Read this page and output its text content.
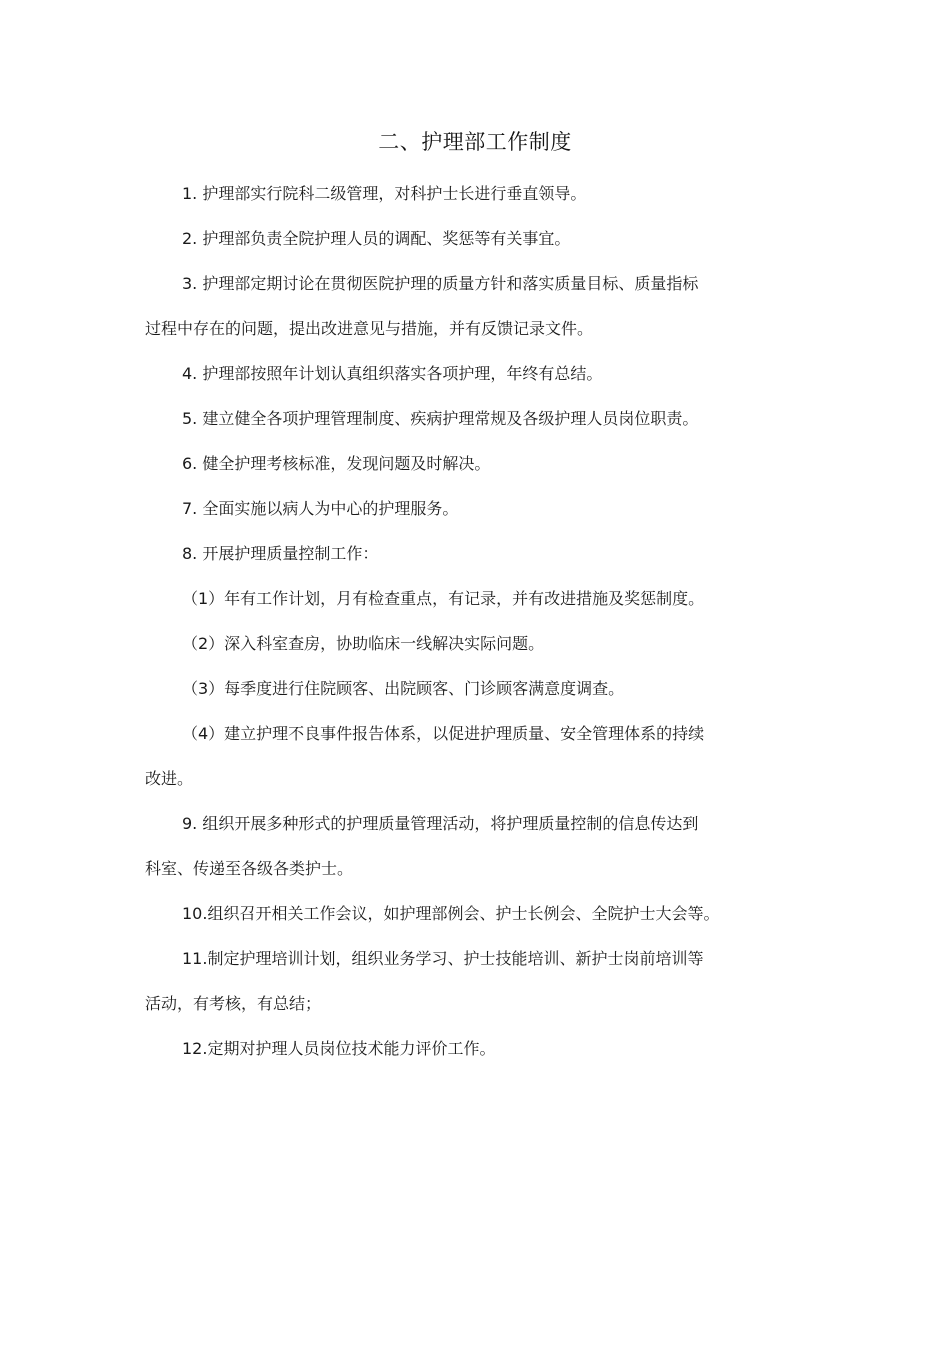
二、护理部工作制度

1. 护理部实行院科二级管理，对科护士长进行垂直领导。

2. 护理部负责全院护理人员的调配、奖惩等有关事宜。

3. 护理部定期讨论在贯彻医院护理的质量方针和落实质量目标、质量指标
过程中存在的问题，提出改进意见与措施，并有反馈记录文件。

4. 护理部按照年计划认真组织落实各项护理，年终有总结。

5. 建立健全各项护理管理制度、疾病护理常规及各级护理人员岗位职责。

6. 健全护理考核标准，发现问题及时解决。

7. 全面实施以病人为中心的护理服务。

8. 开展护理质量控制工作：

（1）年有工作计划，月有检查重点，有记录，并有改进措施及奖惩制度。

（2）深入科室查房，协助临床一线解决实际问题。

（3）每季度进行住院顾客、出院顾客、门诊顾客满意度调查。

（4）建立护理不良事件报告体系，以促进护理质量、安全管理体系的持续
改进。

9. 组织开展多种形式的护理质量管理活动，将护理质量控制的信息传达到
科室、传递至各级各类护士。

10.组织召开相关工作会议，如护理部例会、护士长例会、全院护士大会等。

11.制定护理培训计划，组织业务学习、护士技能培训、新护士岗前培训等
活动，有考核，有总结；

12.定期对护理人员岗位技术能力评价工作。
